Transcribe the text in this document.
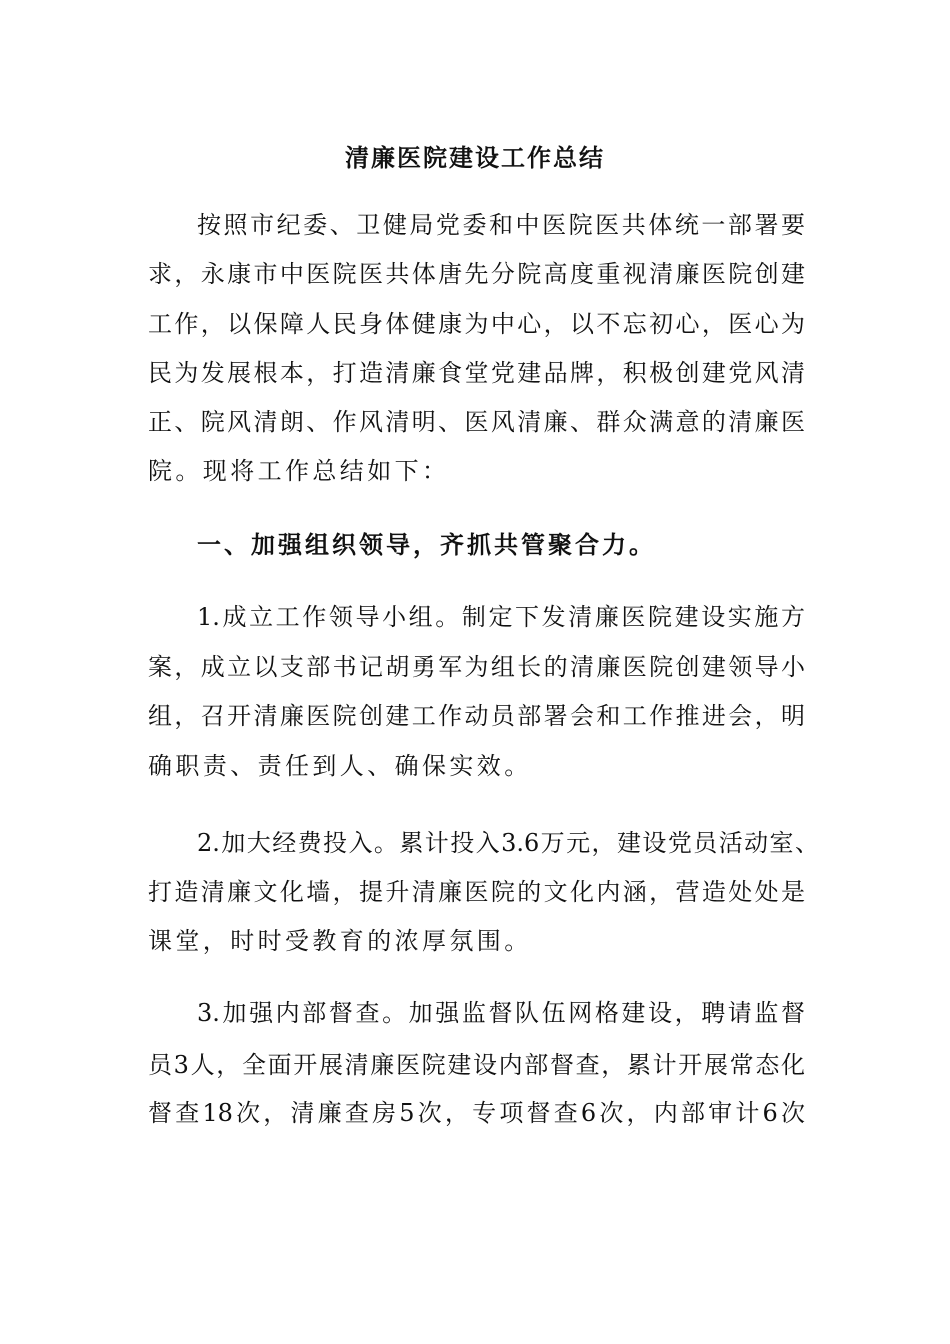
清廉医院建设工作总结
按照市纪委、卫健局党委和中医院医共体统一部署要
求，永康市中医院医共体唐先分院高度重视清廉医院创建
工作，以保障人民身体健康为中心，以不忘初心，医心为
民为发展根本，打造清廉食堂党建品牌，积极创建党风清
正、院风清朗、作风清明、医风清廉、群众满意的清廉医
院。现将工作总结如下：
一、加强组织领导，齐抓共管聚合力。
1.成立工作领导小组。制定下发清廉医院建设实施方
案，成立以支部书记胡勇军为组长的清廉医院创建领导小
组，召开清廉医院创建工作动员部署会和工作推进会，明
确职责、责任到人、确保实效。
2.加大经费投入。累计投入3.6万元，建设党员活动室、
打造清廉文化墙，提升清廉医院的文化内涵，营造处处是
课堂，时时受教育的浓厚氛围。
3.加强内部督查。加强监督队伍网格建设，聘请监督
员3人，全面开展清廉医院建设内部督查，累计开展常态化
督查18次，清廉查房5次，专项督查6次，内部审计6次
